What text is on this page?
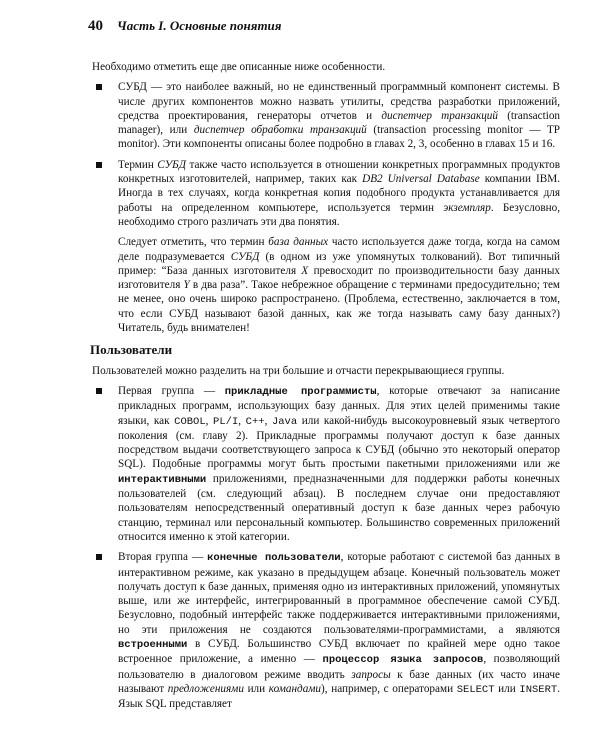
40 Часть I. Основные понятия

Необходимо отметить еще две описанные ниже особенности.

СУБД — это наиболее важный, но не единственный программный компонент системы. В числе других компонентов можно назвать утилиты, средства разработки приложений, средства проектирования, генераторы отчетов и диспетчер транзакций (transaction manager), или диспетчер обработки транзакций (transaction processing monitor — TP monitor). Эти компоненты описаны более подробно в главах 2, 3, особенно в главах 15 и 16.

Термин СУБД также часто используется в отношении конкретных программных продуктов конкретных изготовителей, например, таких как DB2 Universal Database компании IBM. Иногда в тех случаях, когда конкретная копия подобного продукта устанавливается для работы на определенном компьютере, используется термин экземпляр. Безусловно, необходимо строго различать эти два понятия.

Следует отметить, что термин база данных часто используется даже тогда, когда на самом деле подразумевается СУБД (в одном из уже упомянутых толкований). Вот типичный пример: “База данных изготовителя X превосходит по производительности базу данных изготовителя Y в два раза”. Такое небрежное обращение с терминами предосудительно; тем не менее, оно очень широко распространено. (Проблема, естественно, заключается в том, что если СУБД называют базой данных, как же тогда называть саму базу данных?) Читатель, будь внимателен!

Пользователи

Пользователей можно разделить на три большие и отчасти перекрывающиеся группы.

Первая группа — прикладные программисты, которые отвечают за написание прикладных программ, использующих базу данных. Для этих целей применимы такие языки, как COBOL, PL/I, C++, Java или какой-нибудь высокоуровневый язык четвертого поколения (см. главу 2). Прикладные программы получают доступ к базе данных посредством выдачи соответствующего запроса к СУБД (обычно это некоторый оператор SQL). Подобные программы могут быть простыми пакетными приложениями или же интерактивными приложениями, предназначенными для поддержки работы конечных пользователей (см. следующий абзац). В последнем случае они предоставляют пользователям непосредственный оперативный доступ к базе данных через рабочую станцию, терминал или персональный компьютер. Большинство современных приложений относится именно к этой категории.

Вторая группа — конечные пользователи, которые работают с системой баз данных в интерактивном режиме, как указано в предыдущем абзаце. Конечный пользователь может получать доступ к базе данных, применяя одно из интерактивных приложений, упомянутых выше, или же интерфейс, интегрированный в программное обеспечение самой СУБД. Безусловно, подобный интерфейс также поддерживается интерактивными приложениями, но эти приложения не создаются пользователями-программистами, а являются встроенными в СУБД. Большинство СУБД включает по крайней мере одно такое встроенное приложение, а именно — процессор языка запросов, позволяющий пользователю в диалоговом режиме вводить запросы к базе данных (их часто иначе называют предложениями или командами), например, с операторами SELECT или INSERT. Язык SQL представляет
